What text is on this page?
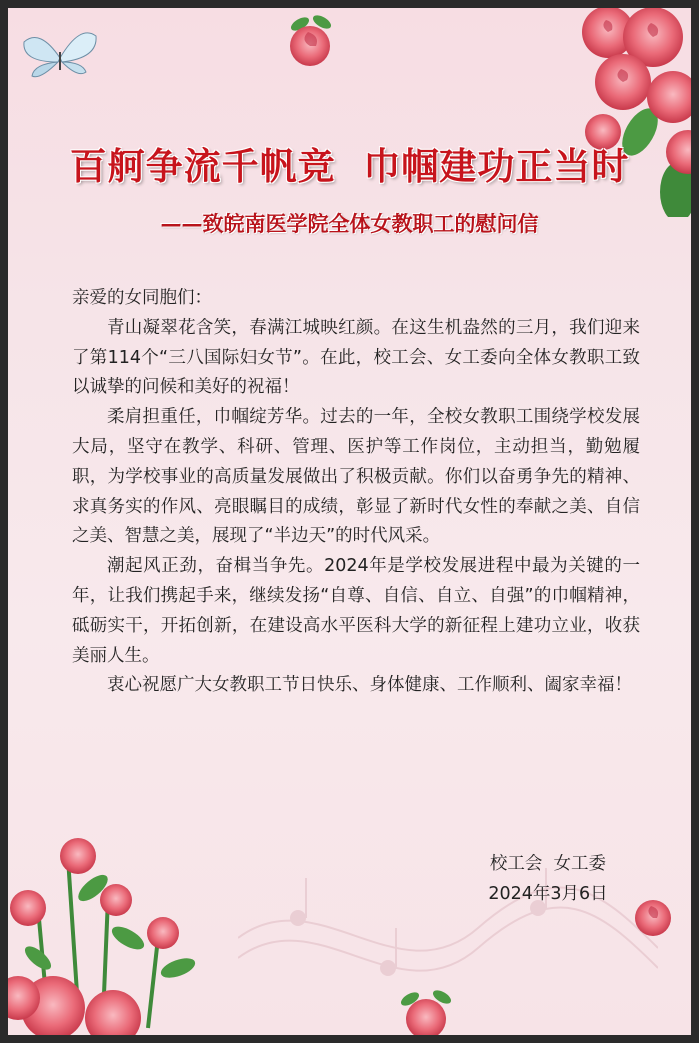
百舸争流千帆竞  巾帼建功正当时
——致皖南医学院全体女教职工的慰问信

亲爱的女同胞们：

青山凝翠花含笑，春满江城映红颜。在这生机盎然的三月，我们迎来了第114个“三八国际妇女节”。在此，校工会、女工委向全体女教职工致以诚挚的问候和美好的祝福！

柔肩担重任，巾帼绽芳华。过去的一年，全校女教职工围绕学校发展大局，坚守在教学、科研、管理、医护等工作岗位，主动担当，勤勉履职，为学校事业的高质量发展做出了积极贡献。你们以奋勇争先的精神、求真务实的作风、亮眼瞩目的成绩，彰显了新时代女性的奉献之美、自信之美、智慧之美，展现了“半边天”的时代风采。

潮起风正劲，奋楫当争先。2024年是学校发展进程中最为关键的一年，让我们携起手来，继续发扬“自尊、自信、自立、自强”的巾帼精神，砥砺实干，开拓创新，在建设高水平医科大学的新征程上建功立业，收获美丽人生。

衷心祝愿广大女教职工节日快乐、身体健康、工作顺利、阖家幸福！

校工会  女工委
2024年3月6日
